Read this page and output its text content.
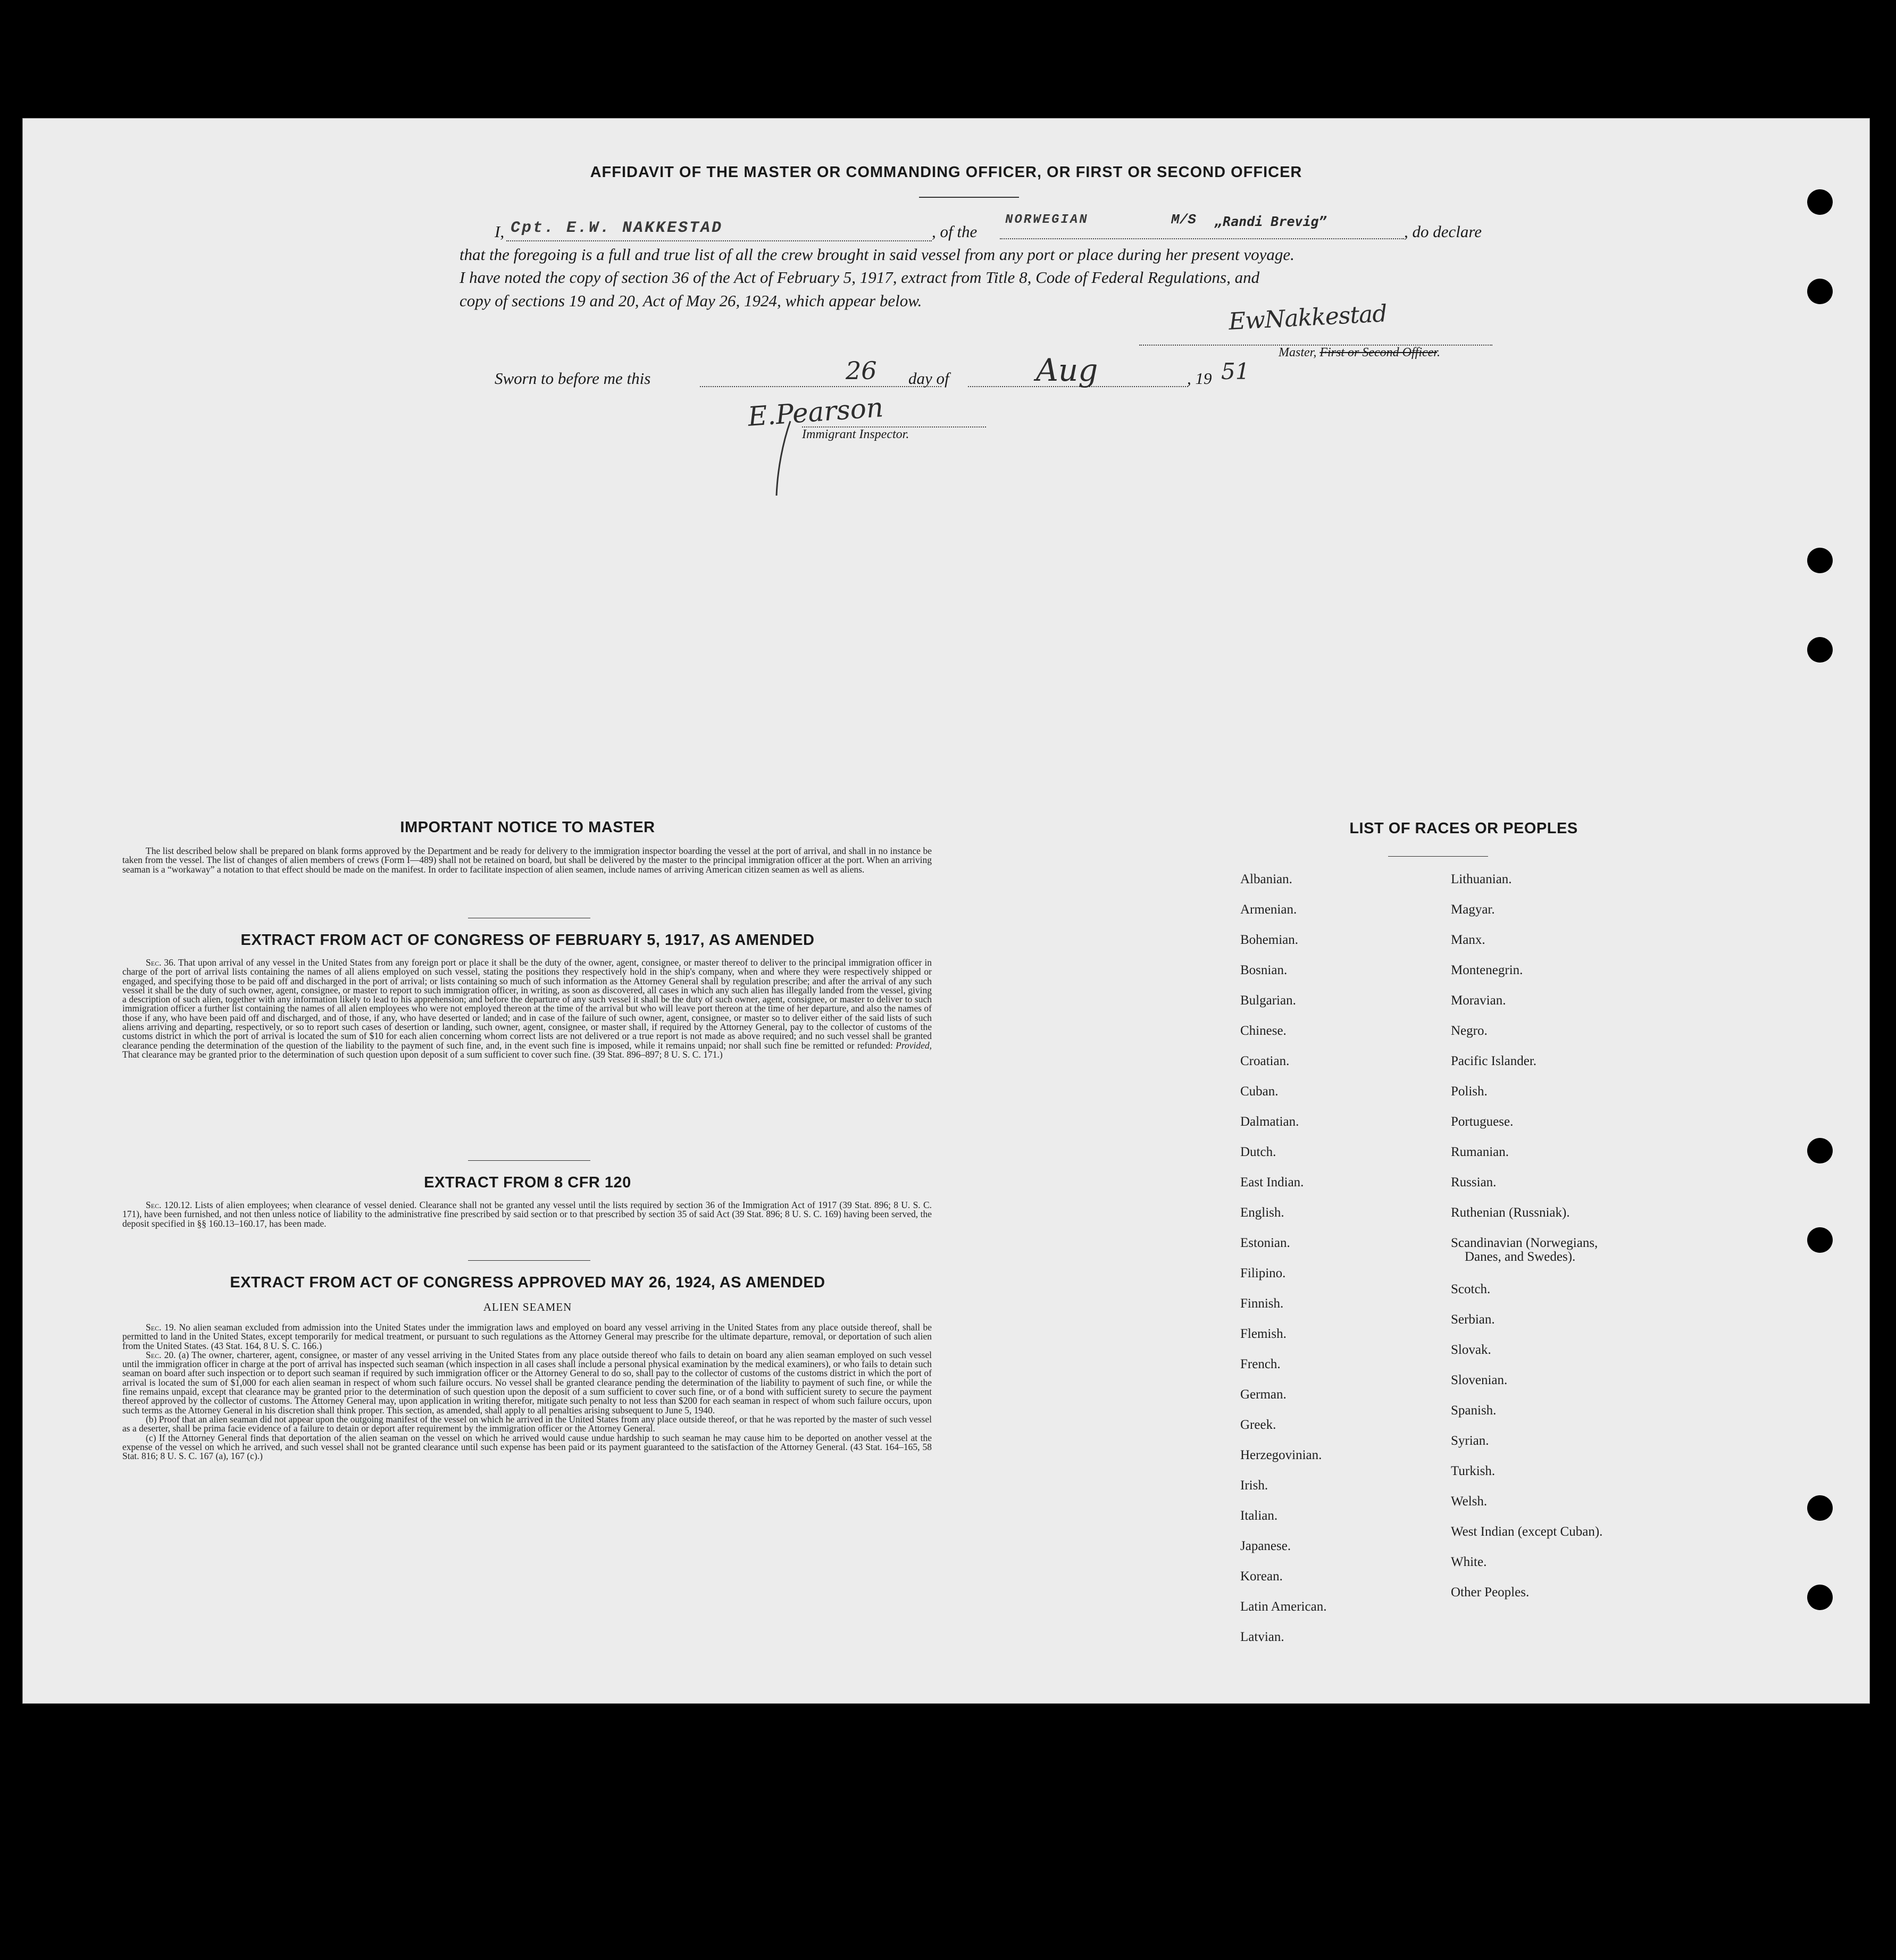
AFFIDAVIT OF THE MASTER OR COMMANDING OFFICER, OR FIRST OR SECOND OFFICER
I, Cpt. E.W. NAKKESTAD	, of the
NORWEGIAN	M/S „Randi Brevig”
, do declare
that the foregoing is a full and true list of all the crew brought in said vessel from any port or place during her present voyage.
I have noted the copy of section 36 of the Act of February 5, 1917, extract from Title 8, Code of Federal Regulations, and
copy of sections 19 and 20, Act of May 26, 1924, which appear below.	EwNakkestad
Master, First or Second Officer.
Sworn to before me this	26 day of	Aug	, 19 51
E.Pearson
Immigrant Inspector.
IMPORTANT NOTICE TO MASTER
The list described below shall be prepared on blank forms approved by the Department and be ready for delivery to the immigration inspector boarding the vessel at the port of arrival, and shall in no instance be taken from the vessel. The list of changes of alien members of crews (Form I—489) shall not be retained on board, but shall be delivered by the master to the principal immigration officer at the port. When an arriving seaman is a “workaway” a notation to that effect should be made on the manifest. In order to facilitate inspection of alien seamen, include names of arriving American citizen seamen as well as aliens.
EXTRACT FROM ACT OF CONGRESS OF FEBRUARY 5, 1917, AS AMENDED
Sec. 36. That upon arrival of any vessel in the United States from any foreign port or place it shall be the duty of the owner, agent, consignee, or master thereof to deliver to the principal immigration officer in charge of the port of arrival lists containing the names of all aliens employed on such vessel, stating the positions they respectively hold in the ship's company, when and where they were respectively shipped or engaged, and specifying those to be paid off and discharged in the port of arrival; or lists containing so much of such information as the Attorney General shall by regulation prescribe; and after the arrival of any such vessel it shall be the duty of such owner, agent, consignee, or master to report to such immigration officer, in writing, as soon as discovered, all cases in which any such alien has illegally landed from the vessel, giving a description of such alien, together with any information likely to lead to his apprehension; and before the departure of any such vessel it shall be the duty of such owner, agent, consignee, or master to deliver to such immigration officer a further list containing the names of all alien employees who were not employed thereon at the time of the arrival but who will leave port thereon at the time of her departure, and also the names of those if any, who have been paid off and discharged, and of those, if any, who have deserted or landed; and in case of the failure of such owner, agent, consignee, or master so to deliver either of the said lists of such aliens arriving and departing, respectively, or so to report such cases of desertion or landing, such owner, agent, consignee, or master shall, if required by the Attorney General, pay to the collector of customs of the customs district in which the port of arrival is located the sum of $10 for each alien concerning whom correct lists are not delivered or a true report is not made as above required; and no such vessel shall be granted clearance pending the determination of the question of the liability to the payment of such fine, and, in the event such fine is imposed, while it remains unpaid; nor shall such fine be remitted or refunded: Provided, That clearance may be granted prior to the determination of such question upon deposit of a sum sufficient to cover such fine. (39 Stat. 896–897; 8 U. S. C. 171.)
EXTRACT FROM 8 CFR 120
Sec. 120.12. Lists of alien employees; when clearance of vessel denied. Clearance shall not be granted any vessel until the lists required by section 36 of the Immigration Act of 1917 (39 Stat. 896; 8 U. S. C. 171), have been furnished, and not then unless notice of liability to the administrative fine prescribed by said section or to that prescribed by section 35 of said Act (39 Stat. 896; 8 U. S. C. 169) having been served, the deposit specified in §§ 160.13–160.17, has been made.
EXTRACT FROM ACT OF CONGRESS APPROVED MAY 26, 1924, AS AMENDED
ALIEN SEAMEN

Sec. 19. No alien seaman excluded from admission into the United States under the immigration laws and employed on board any vessel arriving in the United States from any place outside thereof, shall be permitted to land in the United States, except temporarily for medical treatment, or pursuant to such regulations as the Attorney General may prescribe for the ultimate departure, removal, or deportation of such alien from the United States. (43 Stat. 164, 8 U. S. C. 166.)

Sec. 20. (a) The owner, charterer, agent, consignee, or master of any vessel arriving in the United States from any place outside thereof who fails to detain on board any alien seaman employed on such vessel until the immigration officer in charge at the port of arrival has inspected such seaman (which inspection in all cases shall include a personal physical examination by the medical examiners), or who fails to detain such seaman on board after such inspection or to deport such seaman if required by such immigration officer or the Attorney General to do so, shall pay to the collector of customs of the customs district in which the port of arrival is located the sum of $1,000 for each alien seaman in respect of whom such failure occurs. No vessel shall be granted clearance pending the determination of the liability to payment of such fine, or while the fine remains unpaid, except that clearance may be granted prior to the determination of such question upon the deposit of a sum sufficient to cover such fine, or of a bond with sufficient surety to secure the payment thereof approved by the collector of customs. The Attorney General may, upon application in writing therefor, mitigate such penalty to not less than $200 for each seaman in respect of whom such failure occurs, upon such terms as the Attorney General in his discretion shall think proper. This section, as amended, shall apply to all penalties arising subsequent to June 5, 1940.

(b) Proof that an alien seaman did not appear upon the outgoing manifest of the vessel on which he arrived in the United States from any place outside thereof, or that he was reported by the master of such vessel as a deserter, shall be prima facie evidence of a failure to detain or deport after requirement by the immigration officer or the Attorney General.

(c) If the Attorney General finds that deportation of the alien seaman on the vessel on which he arrived would cause undue hardship to such seaman he may cause him to be deported on another vessel at the expense of the vessel on which he arrived, and such vessel shall not be granted clearance until such expense has been paid or its payment guaranteed to the satisfaction of the Attorney General. (43 Stat. 164–165, 58 Stat. 816; 8 U. S. C. 167 (a), 167 (c).)

LIST OF RACES OR PEOPLES
Albanian.
Armenian.
Bohemian.
Bosnian.
Bulgarian.
Chinese.
Croatian.
Cuban.
Dalmatian.
Dutch.
East Indian.
English.
Estonian.
Filipino.
Finnish.
Flemish.
French.
German.
Greek.
Herzegovinian.
Irish.
Italian.
Japanese.
Korean.
Latin American.
Latvian.
Lithuanian.
Magyar.
Manx.
Montenegrin.
Moravian.
Negro.
Pacific Islander.
Polish.
Portuguese.
Rumanian.
Russian.
Ruthenian (Russniak).
Scandinavian (Norwegians,
Danes, and Swedes).
Scotch.
Serbian.
Slovak.
Slovenian.
Spanish.
Syrian.
Turkish.
Welsh.
West Indian (except Cuban).
White.
Other Peoples.
